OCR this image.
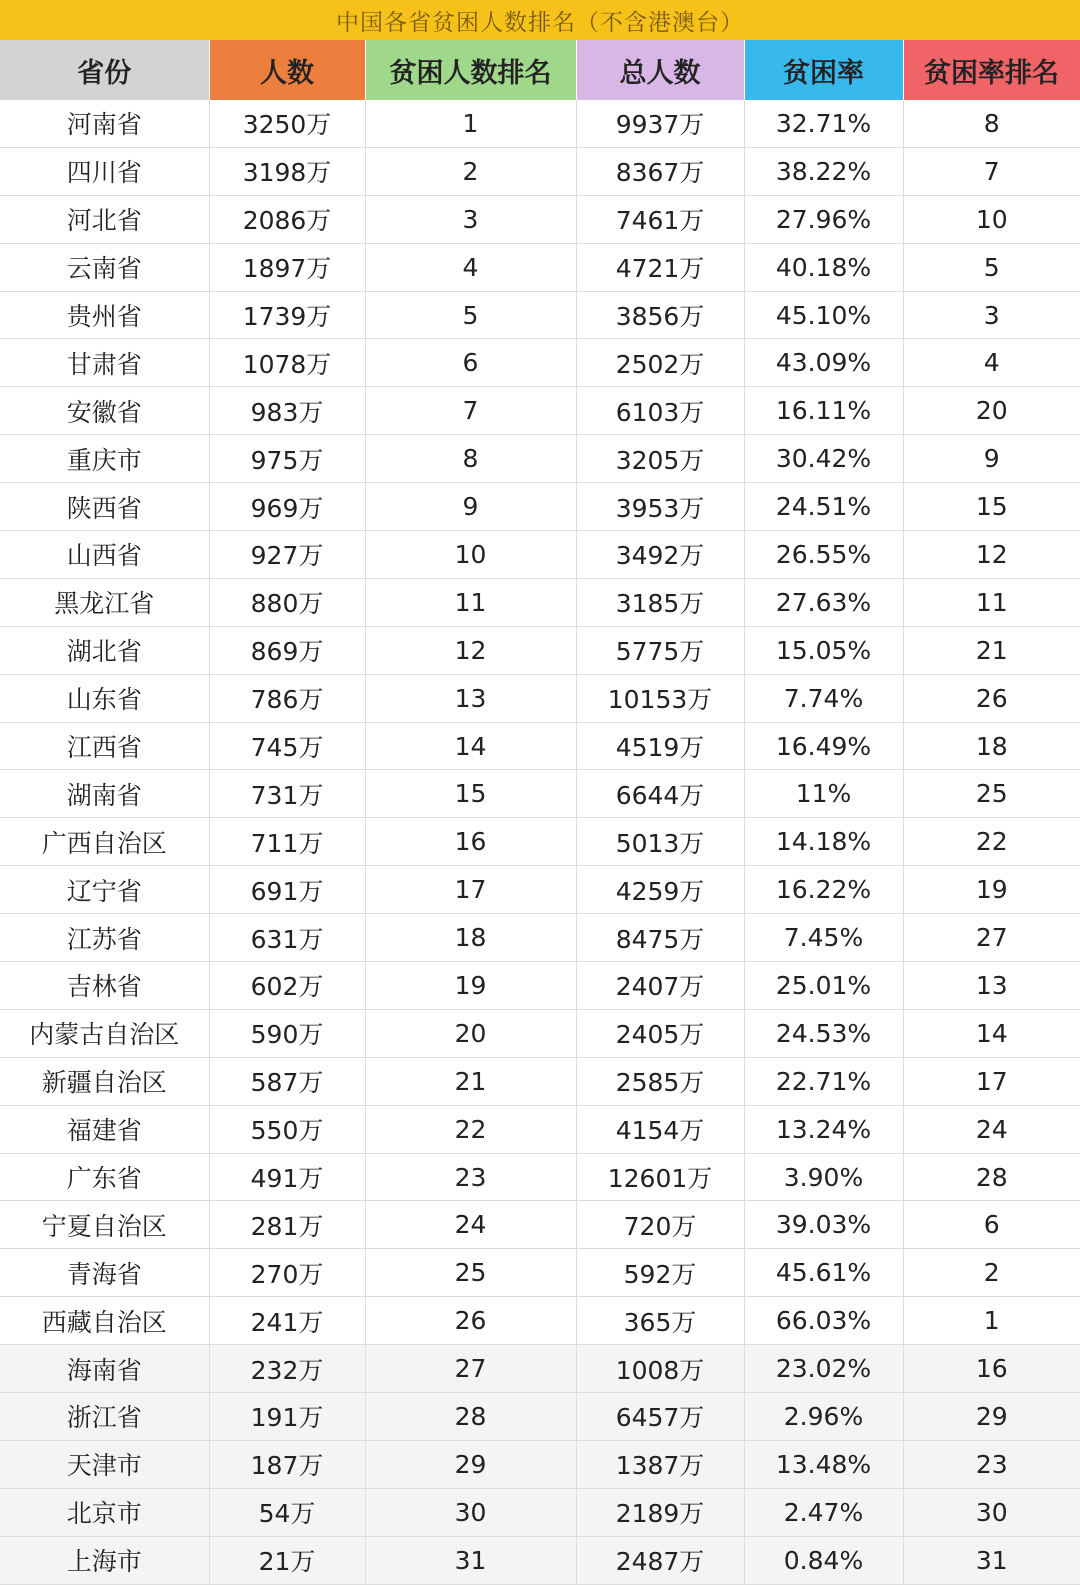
中国各省贫困人数排名（不含港澳台）
省份	人数	贫困人数排名	总人数	贫困率	贫困率排名
河南省	3250万	1	9937万	32.71%	8
四川省	3198万	2	8367万	38.22%	7
河北省	2086万	3	7461万	27.96%	10
云南省	1897万	4	4721万	40.18%	5
贵州省	1739万	5	3856万	45.10%	3
甘肃省	1078万	6	2502万	43.09%	4
安徽省	983万	7	6103万	16.11%	20
重庆市	975万	8	3205万	30.42%	9
陕西省	969万	9	3953万	24.51%	15
山西省	927万	10	3492万	26.55%	12
黑龙江省	880万	11	3185万	27.63%	11
湖北省	869万	12	5775万	15.05%	21
山东省	786万	13	10153万	7.74%	26
江西省	745万	14	4519万	16.49%	18
湖南省	731万	15	6644万	11%	25
广西自治区	711万	16	5013万	14.18%	22
辽宁省	691万	17	4259万	16.22%	19
江苏省	631万	18	8475万	7.45%	27
吉林省	602万	19	2407万	25.01%	13
内蒙古自治区	590万	20	2405万	24.53%	14
新疆自治区	587万	21	2585万	22.71%	17
福建省	550万	22	4154万	13.24%	24
广东省	491万	23	12601万	3.90%	28
宁夏自治区	281万	24	720万	39.03%	6
青海省	270万	25	592万	45.61%	2
西藏自治区	241万	26	365万	66.03%	1
海南省	232万	27	1008万	23.02%	16
浙江省	191万	28	6457万	2.96%	29
天津市	187万	29	1387万	13.48%	23
北京市	54万	30	2189万	2.47%	30
上海市	21万	31	2487万	0.84%	31
